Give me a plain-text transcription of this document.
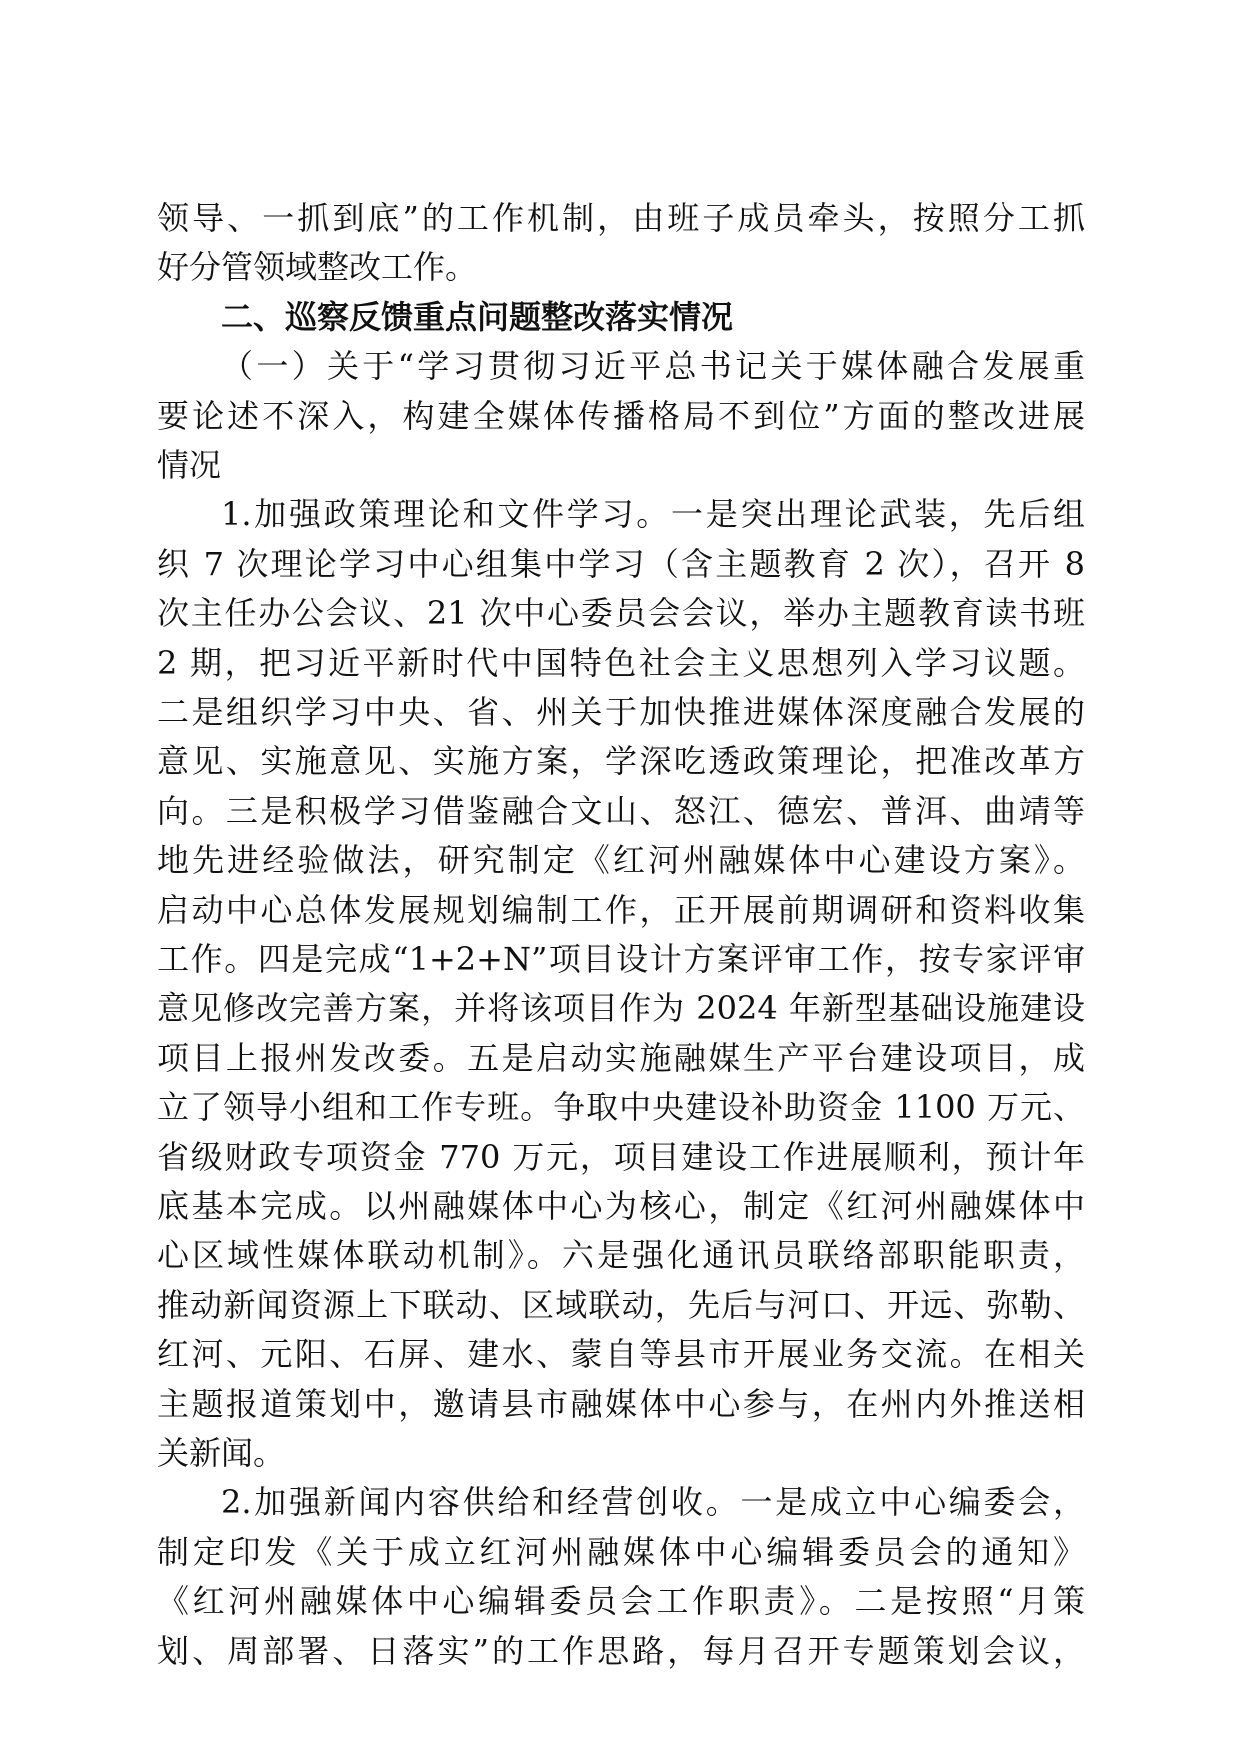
领导、一抓到底”的工作机制，由班子成员牵头，按照分工抓
好分管领域整改工作。
二、巡察反馈重点问题整改落实情况
（一）关于“学习贯彻习近平总书记关于媒体融合发展重
要论述不深入，构建全媒体传播格局不到位”方面的整改进展
情况
1.加强政策理论和文件学习。一是突出理论武装，先后组
织 7 次理论学习中心组集中学习（含主题教育 2 次），召开 8
次主任办公会议、21 次中心委员会会议，举办主题教育读书班
2 期，把习近平新时代中国特色社会主义思想列入学习议题。
二是组织学习中央、省、州关于加快推进媒体深度融合发展的
意见、实施意见、实施方案，学深吃透政策理论，把准改革方
向。三是积极学习借鉴融合文山、怒江、德宏、普洱、曲靖等
地先进经验做法，研究制定《红河州融媒体中心建设方案》。
启动中心总体发展规划编制工作，正开展前期调研和资料收集
工作。四是完成“1+2+N”项目设计方案评审工作，按专家评审
意见修改完善方案，并将该项目作为 2024 年新型基础设施建设
项目上报州发改委。五是启动实施融媒生产平台建设项目，成
立了领导小组和工作专班。争取中央建设补助资金 1100 万元、
省级财政专项资金 770 万元，项目建设工作进展顺利，预计年
底基本完成。以州融媒体中心为核心，制定《红河州融媒体中
心区域性媒体联动机制》。六是强化通讯员联络部职能职责，
推动新闻资源上下联动、区域联动，先后与河口、开远、弥勒、
红河、元阳、石屏、建水、蒙自等县市开展业务交流。在相关
主题报道策划中，邀请县市融媒体中心参与，在州内外推送相
关新闻。
2.加强新闻内容供给和经营创收。一是成立中心编委会，
制定印发《关于成立红河州融媒体中心编辑委员会的通知》
《红河州融媒体中心编辑委员会工作职责》。二是按照“月策
划、周部署、日落实”的工作思路，每月召开专题策划会议，
